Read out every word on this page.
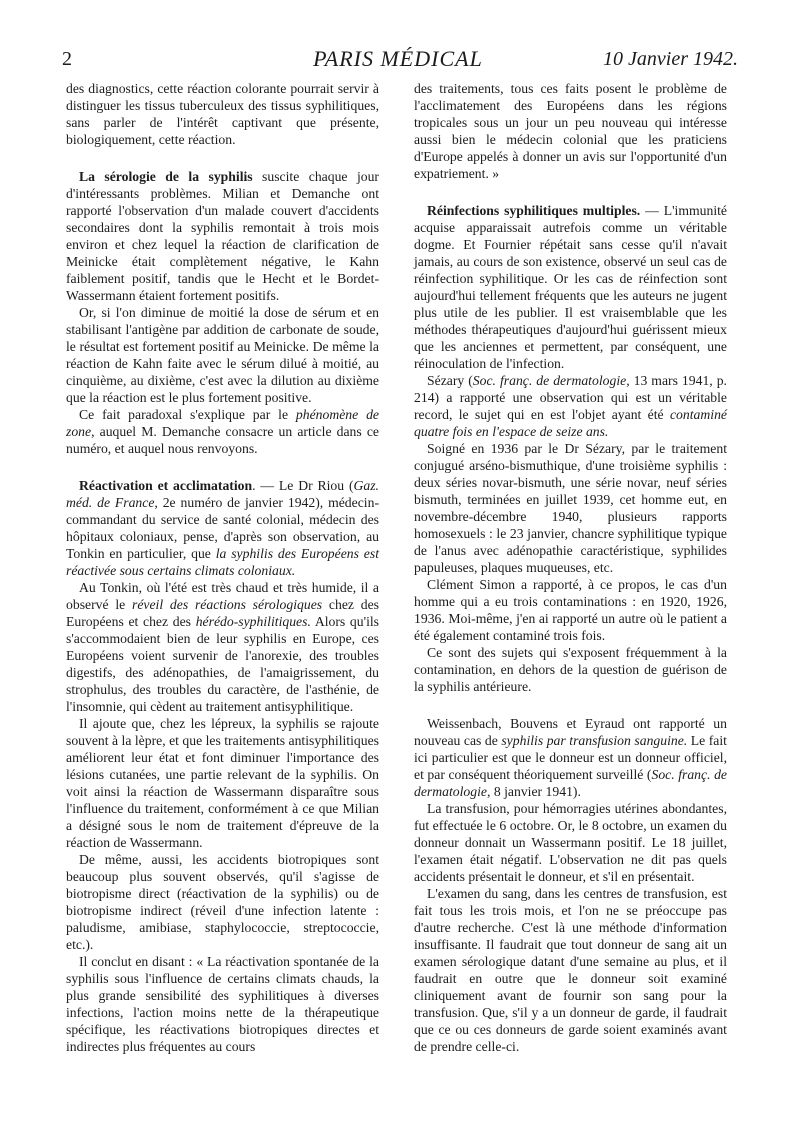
2	PARIS MÉDICAL	10 Janvier 1942.

des diagnostics, cette réaction colorante pourrait servir à distinguer les tissus tuberculeux des tissus syphilitiques, sans parler de l'intérêt captivant que présente, biologiquement, cette réaction.

La sérologie de la syphilis suscite chaque jour d'intéressants problèmes. Milian et Demanche ont rapporté l'observation d'un malade couvert d'accidents secondaires dont la syphilis remontait à trois mois environ et chez lequel la réaction de clarification de Meinicke était complètement négative, le Kahn faiblement positif, tandis que le Hecht et le Bordet-Wassermann étaient fortement positifs.

Or, si l'on diminue de moitié la dose de sérum et en stabilisant l'antigène par addition de carbonate de soude, le résultat est fortement positif au Meinicke. De même la réaction de Kahn faite avec le sérum dilué à moitié, au cinquième, au dixième, c'est avec la dilution au dixième que la réaction est le plus fortement positive.

Ce fait paradoxal s'explique par le phénomène de zone, auquel M. Demanche consacre un article dans ce numéro, et auquel nous renvoyons.

Réactivation et acclimatation. — Le Dr Riou (Gaz. méd. de France, 2e numéro de janvier 1942), médecin-commandant du service de santé colonial, médecin des hôpitaux coloniaux, pense, d'après son observation, au Tonkin en particulier, que la syphilis des Européens est réactivée sous certains climats coloniaux.

Au Tonkin, où l'été est très chaud et très humide, il a observé le réveil des réactions sérologiques chez des Européens et chez des hérédo-syphilitiques. Alors qu'ils s'accommodaient bien de leur syphilis en Europe, ces Européens voient survenir de l'anorexie, des troubles digestifs, des adénopathies, de l'amaigrissement, du strophulus, des troubles du caractère, de l'asthénie, de l'insomnie, qui cèdent au traitement antisyphilitique.

Il ajoute que, chez les lépreux, la syphilis se rajoute souvent à la lèpre, et que les traitements antisyphilitiques améliorent leur état et font diminuer l'importance des lésions cutanées, une partie relevant de la syphilis. On voit ainsi la réaction de Wassermann disparaître sous l'influence du traitement, conformément à ce que Milian a désigné sous le nom de traitement d'épreuve de la réaction de Wassermann.

De même, aussi, les accidents biotropiques sont beaucoup plus souvent observés, qu'il s'agisse de biotropisme direct (réactivation de la syphilis) ou de biotropisme indirect (réveil d'une infection latente : paludisme, amibiase, staphylococcie, streptococcie, etc.).

Il conclut en disant : « La réactivation spontanée de la syphilis sous l'influence de certains climats chauds, la plus grande sensibilité des syphilitiques à diverses infections, l'action moins nette de la thérapeutique spécifique, les réactivations biotropiques directes et indirectes plus fréquentes au cours

des traitements, tous ces faits posent le problème de l'acclimatement des Européens dans les régions tropicales sous un jour un peu nouveau qui intéresse aussi bien le médecin colonial que les praticiens d'Europe appelés à donner un avis sur l'opportunité d'un expatriement. »

Réinfections syphilitiques multiples. — L'immunité acquise apparaissait autrefois comme un véritable dogme. Et Fournier répétait sans cesse qu'il n'avait jamais, au cours de son existence, observé un seul cas de réinfection syphilitique. Or les cas de réinfection sont aujourd'hui tellement fréquents que les auteurs ne jugent plus utile de les publier. Il est vraisemblable que les méthodes thérapeutiques d'aujourd'hui guérissent mieux que les anciennes et permettent, par conséquent, une réinoculation de l'infection.

Sézary (Soc. franç. de dermatologie, 13 mars 1941, p. 214) a rapporté une observation qui est un véritable record, le sujet qui en est l'objet ayant été contaminé quatre fois en l'espace de seize ans.

Soigné en 1936 par le Dr Sézary, par le traitement conjugué arséno-bismuthique, d'une troisième syphilis : deux séries novar-bismuth, une série novar, neuf séries bismuth, terminées en juillet 1939, cet homme eut, en novembre-décembre 1940, plusieurs rapports homosexuels : le 23 janvier, chancre syphilitique typique de l'anus avec adénopathie caractéristique, syphilides papuleuses, plaques muqueuses, etc.

Clément Simon a rapporté, à ce propos, le cas d'un homme qui a eu trois contaminations : en 1920, 1926, 1936. Moi-même, j'en ai rapporté un autre où le patient a été également contaminé trois fois.

Ce sont des sujets qui s'exposent fréquemment à la contamination, en dehors de la question de guérison de la syphilis antérieure.

Weissenbach, Bouvens et Eyraud ont rapporté un nouveau cas de syphilis par transfusion sanguine. Le fait ici particulier est que le donneur est un donneur officiel, et par conséquent théoriquement surveillé (Soc. franç. de dermatologie, 8 janvier 1941).

La transfusion, pour hémorragies utérines abondantes, fut effectuée le 6 octobre. Or, le 8 octobre, un examen du donneur donnait un Wassermann positif. Le 18 juillet, l'examen était négatif. L'observation ne dit pas quels accidents présentait le donneur, et s'il en présentait.

L'examen du sang, dans les centres de transfusion, est fait tous les trois mois, et l'on ne se préoccupe pas d'autre recherche. C'est là une méthode d'information insuffisante. Il faudrait que tout donneur de sang ait un examen sérologique datant d'une semaine au plus, et il faudrait en outre que le donneur soit examiné cliniquement avant de fournir son sang pour la transfusion. Que, s'il y a un donneur de garde, il faudrait que ce ou ces donneurs de garde soient examinés avant de prendre celle-ci.
